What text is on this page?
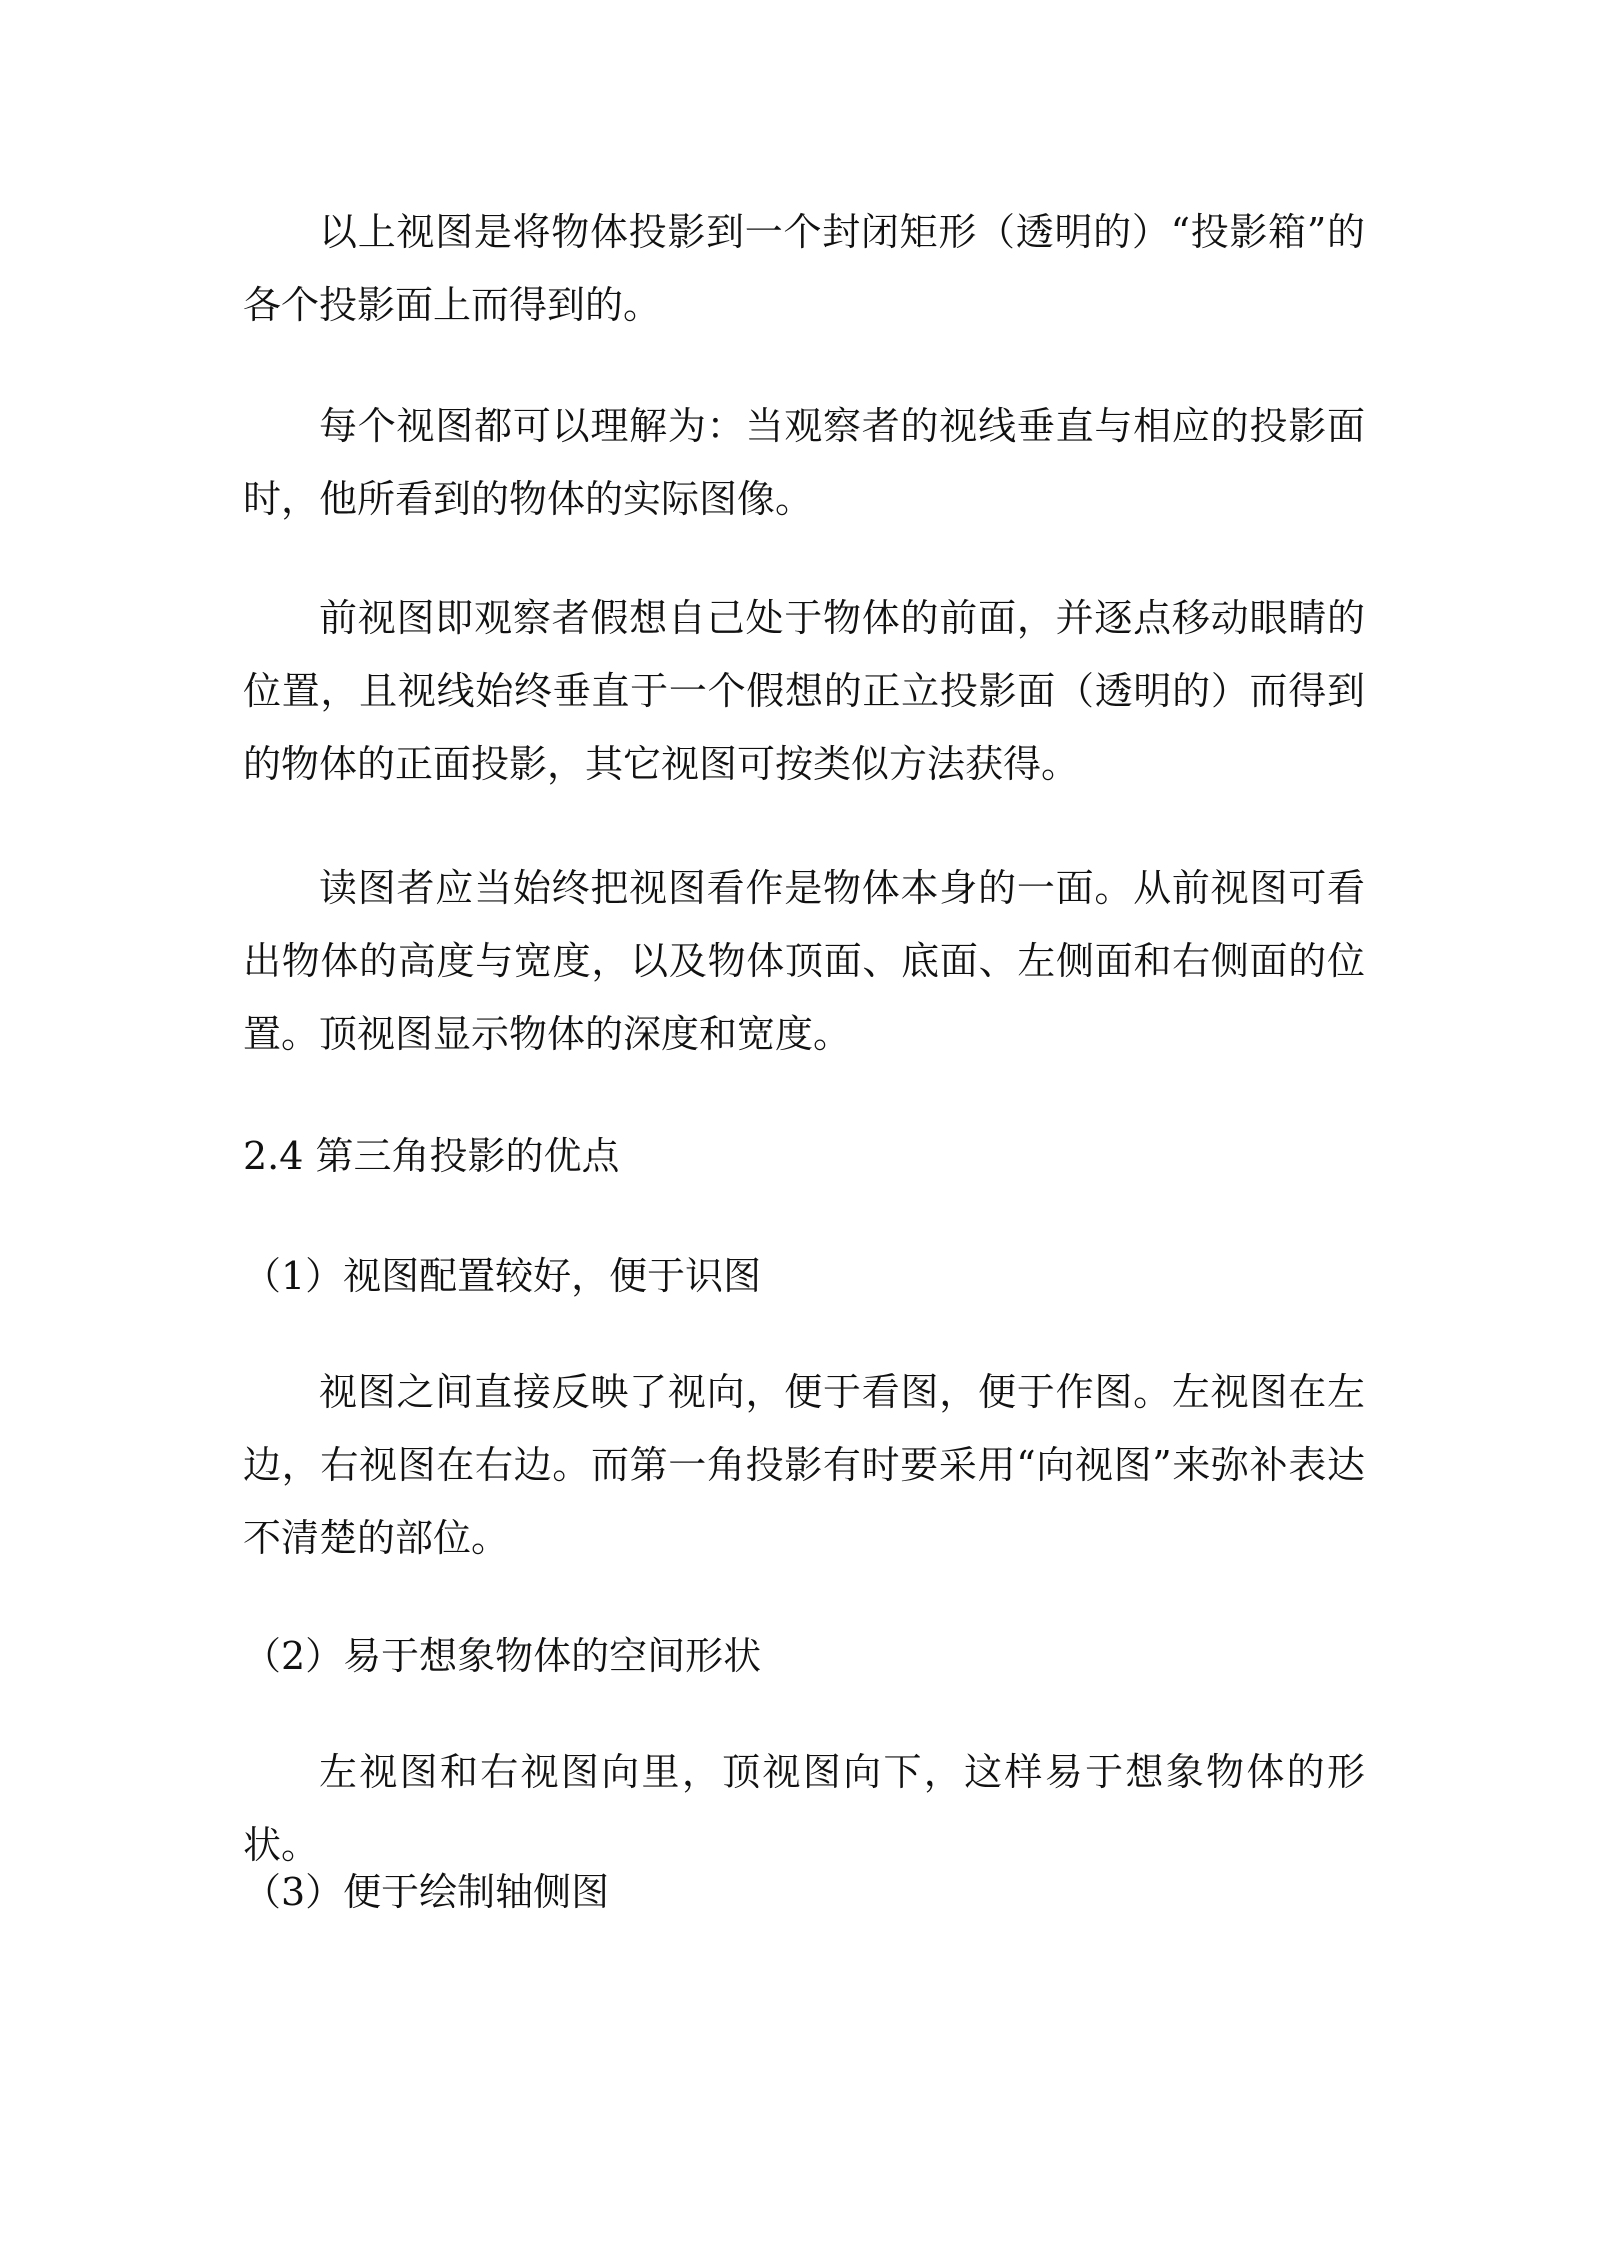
以上视图是将物体投影到一个封闭矩形（透明的）“投影箱”的各个投影面上而得到的。

每个视图都可以理解为：当观察者的视线垂直与相应的投影面时，他所看到的物体的实际图像。

前视图即观察者假想自己处于物体的前面，并逐点移动眼睛的位置，且视线始终垂直于一个假想的正立投影面（透明的）而得到的物体的正面投影，其它视图可按类似方法获得。

读图者应当始终把视图看作是物体本身的一面。从前视图可看出物体的高度与宽度，以及物体顶面、底面、左侧面和右侧面的位置。顶视图显示物体的深度和宽度。

2.4 第三角投影的优点
（1）视图配置较好，便于识图

视图之间直接反映了视向，便于看图，便于作图。左视图在左边，右视图在右边。而第一角投影有时要采用“向视图”来弥补表达不清楚的部位。

（2）易于想象物体的空间形状

左视图和右视图向里，顶视图向下，这样易于想象物体的形状。

（3）便于绘制轴侧图
